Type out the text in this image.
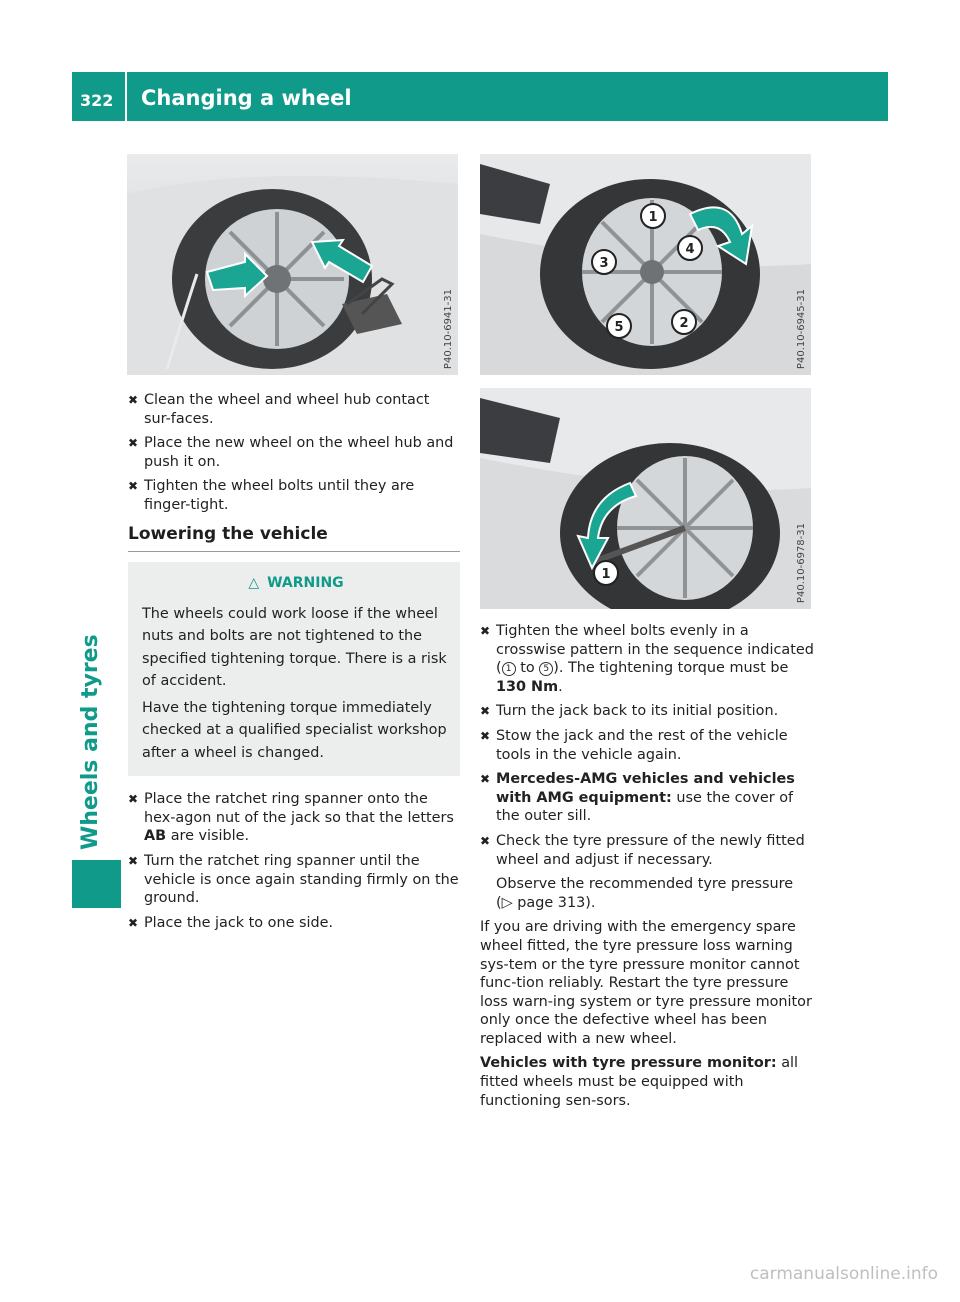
322 Changing a wheel
Wheels and tyres
P40.10-6941-31
1
2
3
4
5	P40.10-6945-31
1	P40.10-6978-31
✖ Clean the wheel and wheel hub contact sur-faces.
✖ Place the new wheel on the wheel hub and push it on.
✖ Tighten the wheel bolts until they are finger-tight.
Lowering the vehicle
△ WARNING

The wheels could work loose if the wheel nuts and bolts are not tightened to the specified tightening torque. There is a risk of accident.

Have the tightening torque immediately checked at a qualified specialist workshop after a wheel is changed.

✖ Place the ratchet ring spanner onto the hex-agon nut of the jack so that the letters AB are visible.
✖ Turn the ratchet ring spanner until the vehicle is once again standing firmly on the ground.
✖ Place the jack to one side.
✖ Tighten the wheel bolts evenly in a crosswise pattern in the sequence indicated ( 1 to 5 ). The tightening torque must be 130 Nm.
✖ Turn the jack back to its initial position.
✖ Stow the jack and the rest of the vehicle tools in the vehicle again.
✖ Mercedes-AMG vehicles and vehicles with AMG equipment: use the cover of the outer sill.
✖ Check the tyre pressure of the newly fitted wheel and adjust if necessary.
Observe the recommended tyre pressure
(▷ page 313).

If you are driving with the emergency spare wheel fitted, the tyre pressure loss warning sys-tem or the tyre pressure monitor cannot func-tion reliably. Restart the tyre pressure loss warn-ing system or tyre pressure monitor only once the defective wheel has been replaced with a new wheel.

Vehicles with tyre pressure monitor: all fitted wheels must be equipped with functioning sen-sors.

carmanualsonline.info
